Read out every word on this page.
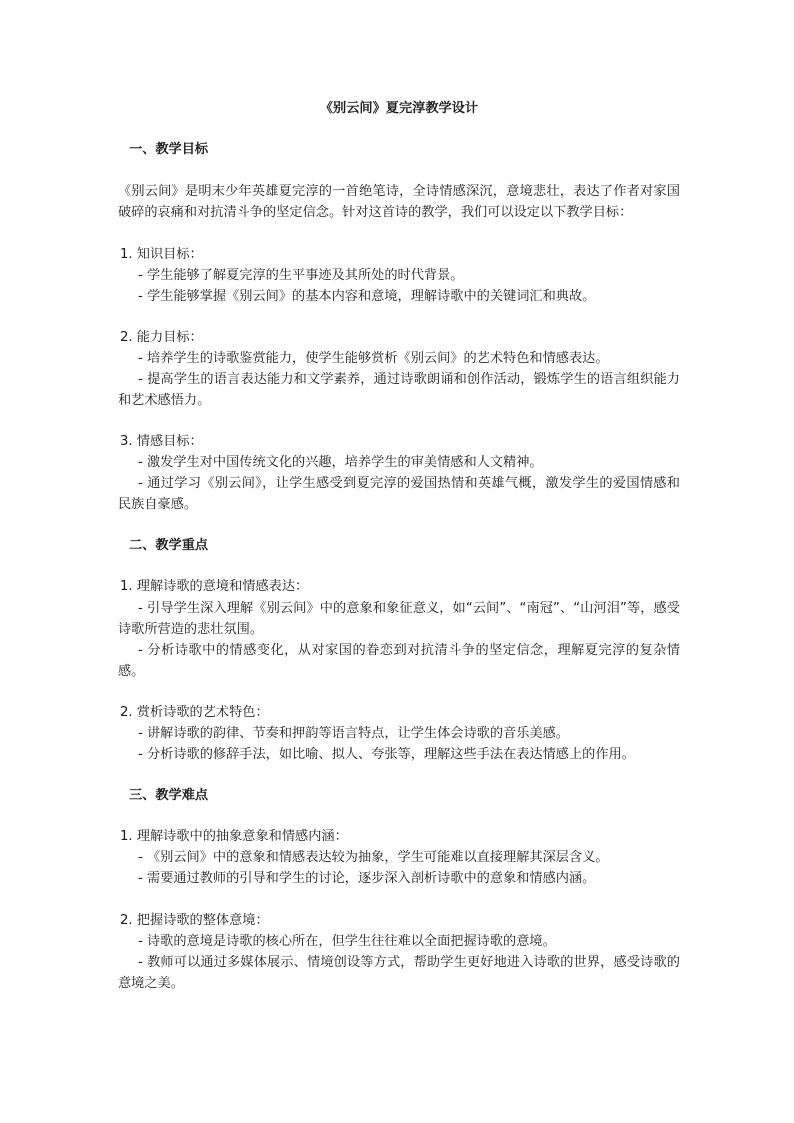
《别云间》夏完淳教学设计
一、教学目标

《别云间》是明末少年英雄夏完淳的一首绝笔诗，全诗情感深沉，意境悲壮，表达了作者对家国破碎的哀痛和对抗清斗争的坚定信念。针对这首诗的教学，我们可以设定以下教学目标：

1. 知识目标：

- 学生能够了解夏完淳的生平事迹及其所处的时代背景。

- 学生能够掌握《别云间》的基本内容和意境，理解诗歌中的关键词汇和典故。

2. 能力目标：

- 培养学生的诗歌鉴赏能力，使学生能够赏析《别云间》的艺术特色和情感表达。

- 提高学生的语言表达能力和文学素养，通过诗歌朗诵和创作活动，锻炼学生的语言组织能力和艺术感悟力。

3. 情感目标：

- 激发学生对中国传统文化的兴趣，培养学生的审美情感和人文精神。

- 通过学习《别云间》，让学生感受到夏完淳的爱国热情和英雄气概，激发学生的爱国情感和民族自豪感。

二、教学重点
1. 理解诗歌的意境和情感表达：

- 引导学生深入理解《别云间》中的意象和象征意义，如“云间”、“南冠”、“山河泪”等，感受诗歌所营造的悲壮氛围。

- 分析诗歌中的情感变化，从对家国的眷恋到对抗清斗争的坚定信念，理解夏完淳的复杂情感。

2. 赏析诗歌的艺术特色：

- 讲解诗歌的韵律、节奏和押韵等语言特点，让学生体会诗歌的音乐美感。

- 分析诗歌的修辞手法，如比喻、拟人、夸张等，理解这些手法在表达情感上的作用。

三、教学难点
1. 理解诗歌中的抽象意象和情感内涵：

- 《别云间》中的意象和情感表达较为抽象，学生可能难以直接理解其深层含义。

- 需要通过教师的引导和学生的讨论，逐步深入剖析诗歌中的意象和情感内涵。

2. 把握诗歌的整体意境：

- 诗歌的意境是诗歌的核心所在，但学生往往难以全面把握诗歌的意境。

- 教师可以通过多媒体展示、情境创设等方式，帮助学生更好地进入诗歌的世界，感受诗歌的意境之美。
